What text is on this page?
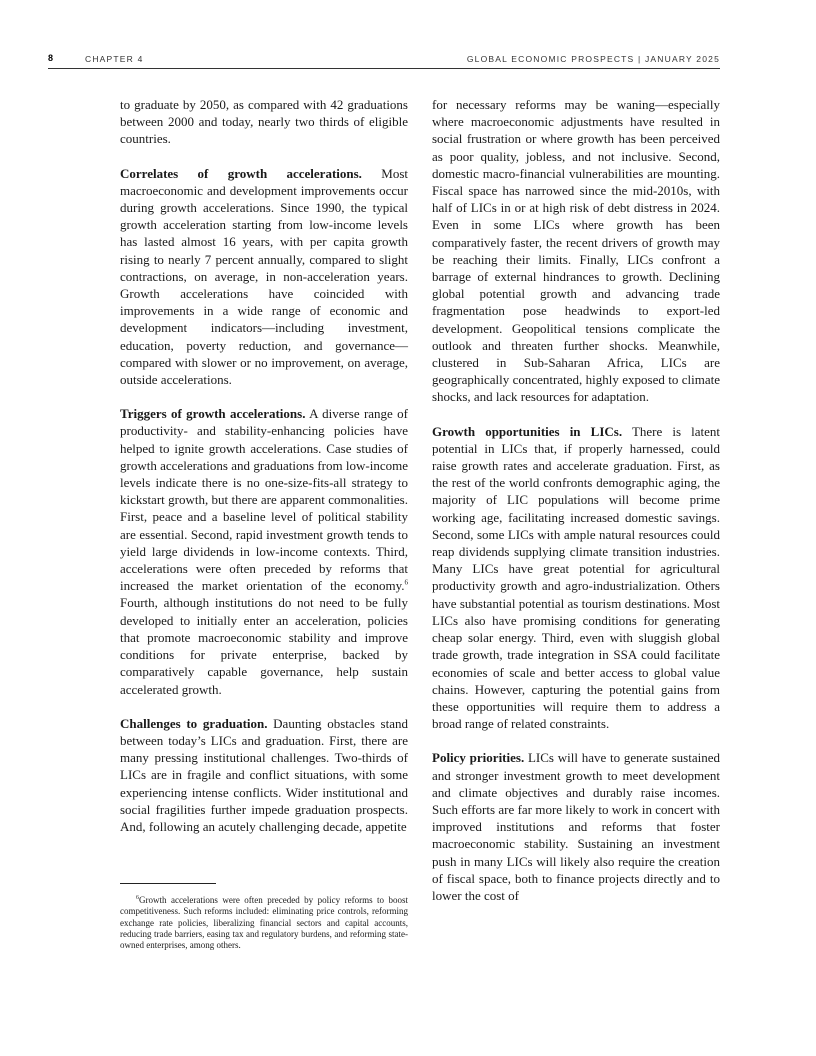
8	CHAPTER 4	GLOBAL ECONOMIC PROSPECTS | JANUARY 2025

to graduate by 2050, as compared with 42 graduations between 2000 and today, nearly two thirds of eligible countries.

Correlates of growth accelerations. Most macroeconomic and development improvements occur during growth accelerations. Since 1990, the typical growth acceleration starting from low-income levels has lasted almost 16 years, with per capita growth rising to nearly 7 percent annually, compared to slight contractions, on average, in non-acceleration years. Growth accelerations have coincided with improvements in a wide range of economic and development indicators—including investment, education, poverty reduction, and governance—compared with slower or no improvement, on average, outside accelerations.

Triggers of growth accelerations. A diverse range of productivity- and stability-enhancing policies have helped to ignite growth accelerations. Case studies of growth accelerations and graduations from low-income levels indicate there is no one-size-fits-all strategy to kickstart growth, but there are apparent commonalities. First, peace and a baseline level of political stability are essential. Second, rapid investment growth tends to yield large dividends in low-income contexts. Third, accelerations were often preceded by reforms that increased the market orientation of the economy.$^6$ Fourth, although institutions do not need to be fully developed to initially enter an acceleration, policies that promote macroeconomic stability and improve conditions for private enterprise, backed by comparatively capable governance, help sustain accelerated growth.

Challenges to graduation. Daunting obstacles stand between today’s LICs and graduation. First, there are many pressing institutional challenges. Two-thirds of LICs are in fragile and conflict situations, with some experiencing intense conflicts. Wider institutional and social fragilities further impede graduation prospects. And, following an acutely challenging decade, appetite

$^6$Growth accelerations were often preceded by policy reforms to boost competitiveness. Such reforms included: eliminating price controls, reforming exchange rate policies, liberalizing financial sectors and capital accounts, reducing trade barriers, easing tax and regulatory burdens, and reforming state-owned enterprises, among others.

for necessary reforms may be waning—especially where macroeconomic adjustments have resulted in social frustration or where growth has been perceived as poor quality, jobless, and not inclusive. Second, domestic macro-financial vulnerabilities are mounting. Fiscal space has narrowed since the mid-2010s, with half of LICs in or at high risk of debt distress in 2024. Even in some LICs where growth has been comparatively faster, the recent drivers of growth may be reaching their limits. Finally, LICs confront a barrage of external hindrances to growth. Declining global potential growth and advancing trade fragmentation pose headwinds to export-led development. Geopolitical tensions complicate the outlook and threaten further shocks. Meanwhile, clustered in Sub-Saharan Africa, LICs are geographically concentrated, highly exposed to climate shocks, and lack resources for adaptation.

Growth opportunities in LICs. There is latent potential in LICs that, if properly harnessed, could raise growth rates and accelerate graduation. First, as the rest of the world confronts demographic aging, the majority of LIC populations will become prime working age, facilitating increased domestic savings. Second, some LICs with ample natural resources could reap dividends supplying climate transition industries. Many LICs have great potential for agricultural productivity growth and agro-industrialization. Others have substantial potential as tourism destinations. Most LICs also have promising conditions for generating cheap solar energy. Third, even with sluggish global trade growth, trade integration in SSA could facilitate economies of scale and better access to global value chains. However, capturing the potential gains from these opportunities will require them to address a broad range of related constraints.

Policy priorities. LICs will have to generate sustained and stronger investment growth to meet development and climate objectives and durably raise incomes. Such efforts are far more likely to work in concert with improved institutions and reforms that foster macroeconomic stability. Sustaining an investment push in many LICs will likely also require the creation of fiscal space, both to finance projects directly and to lower the cost of
